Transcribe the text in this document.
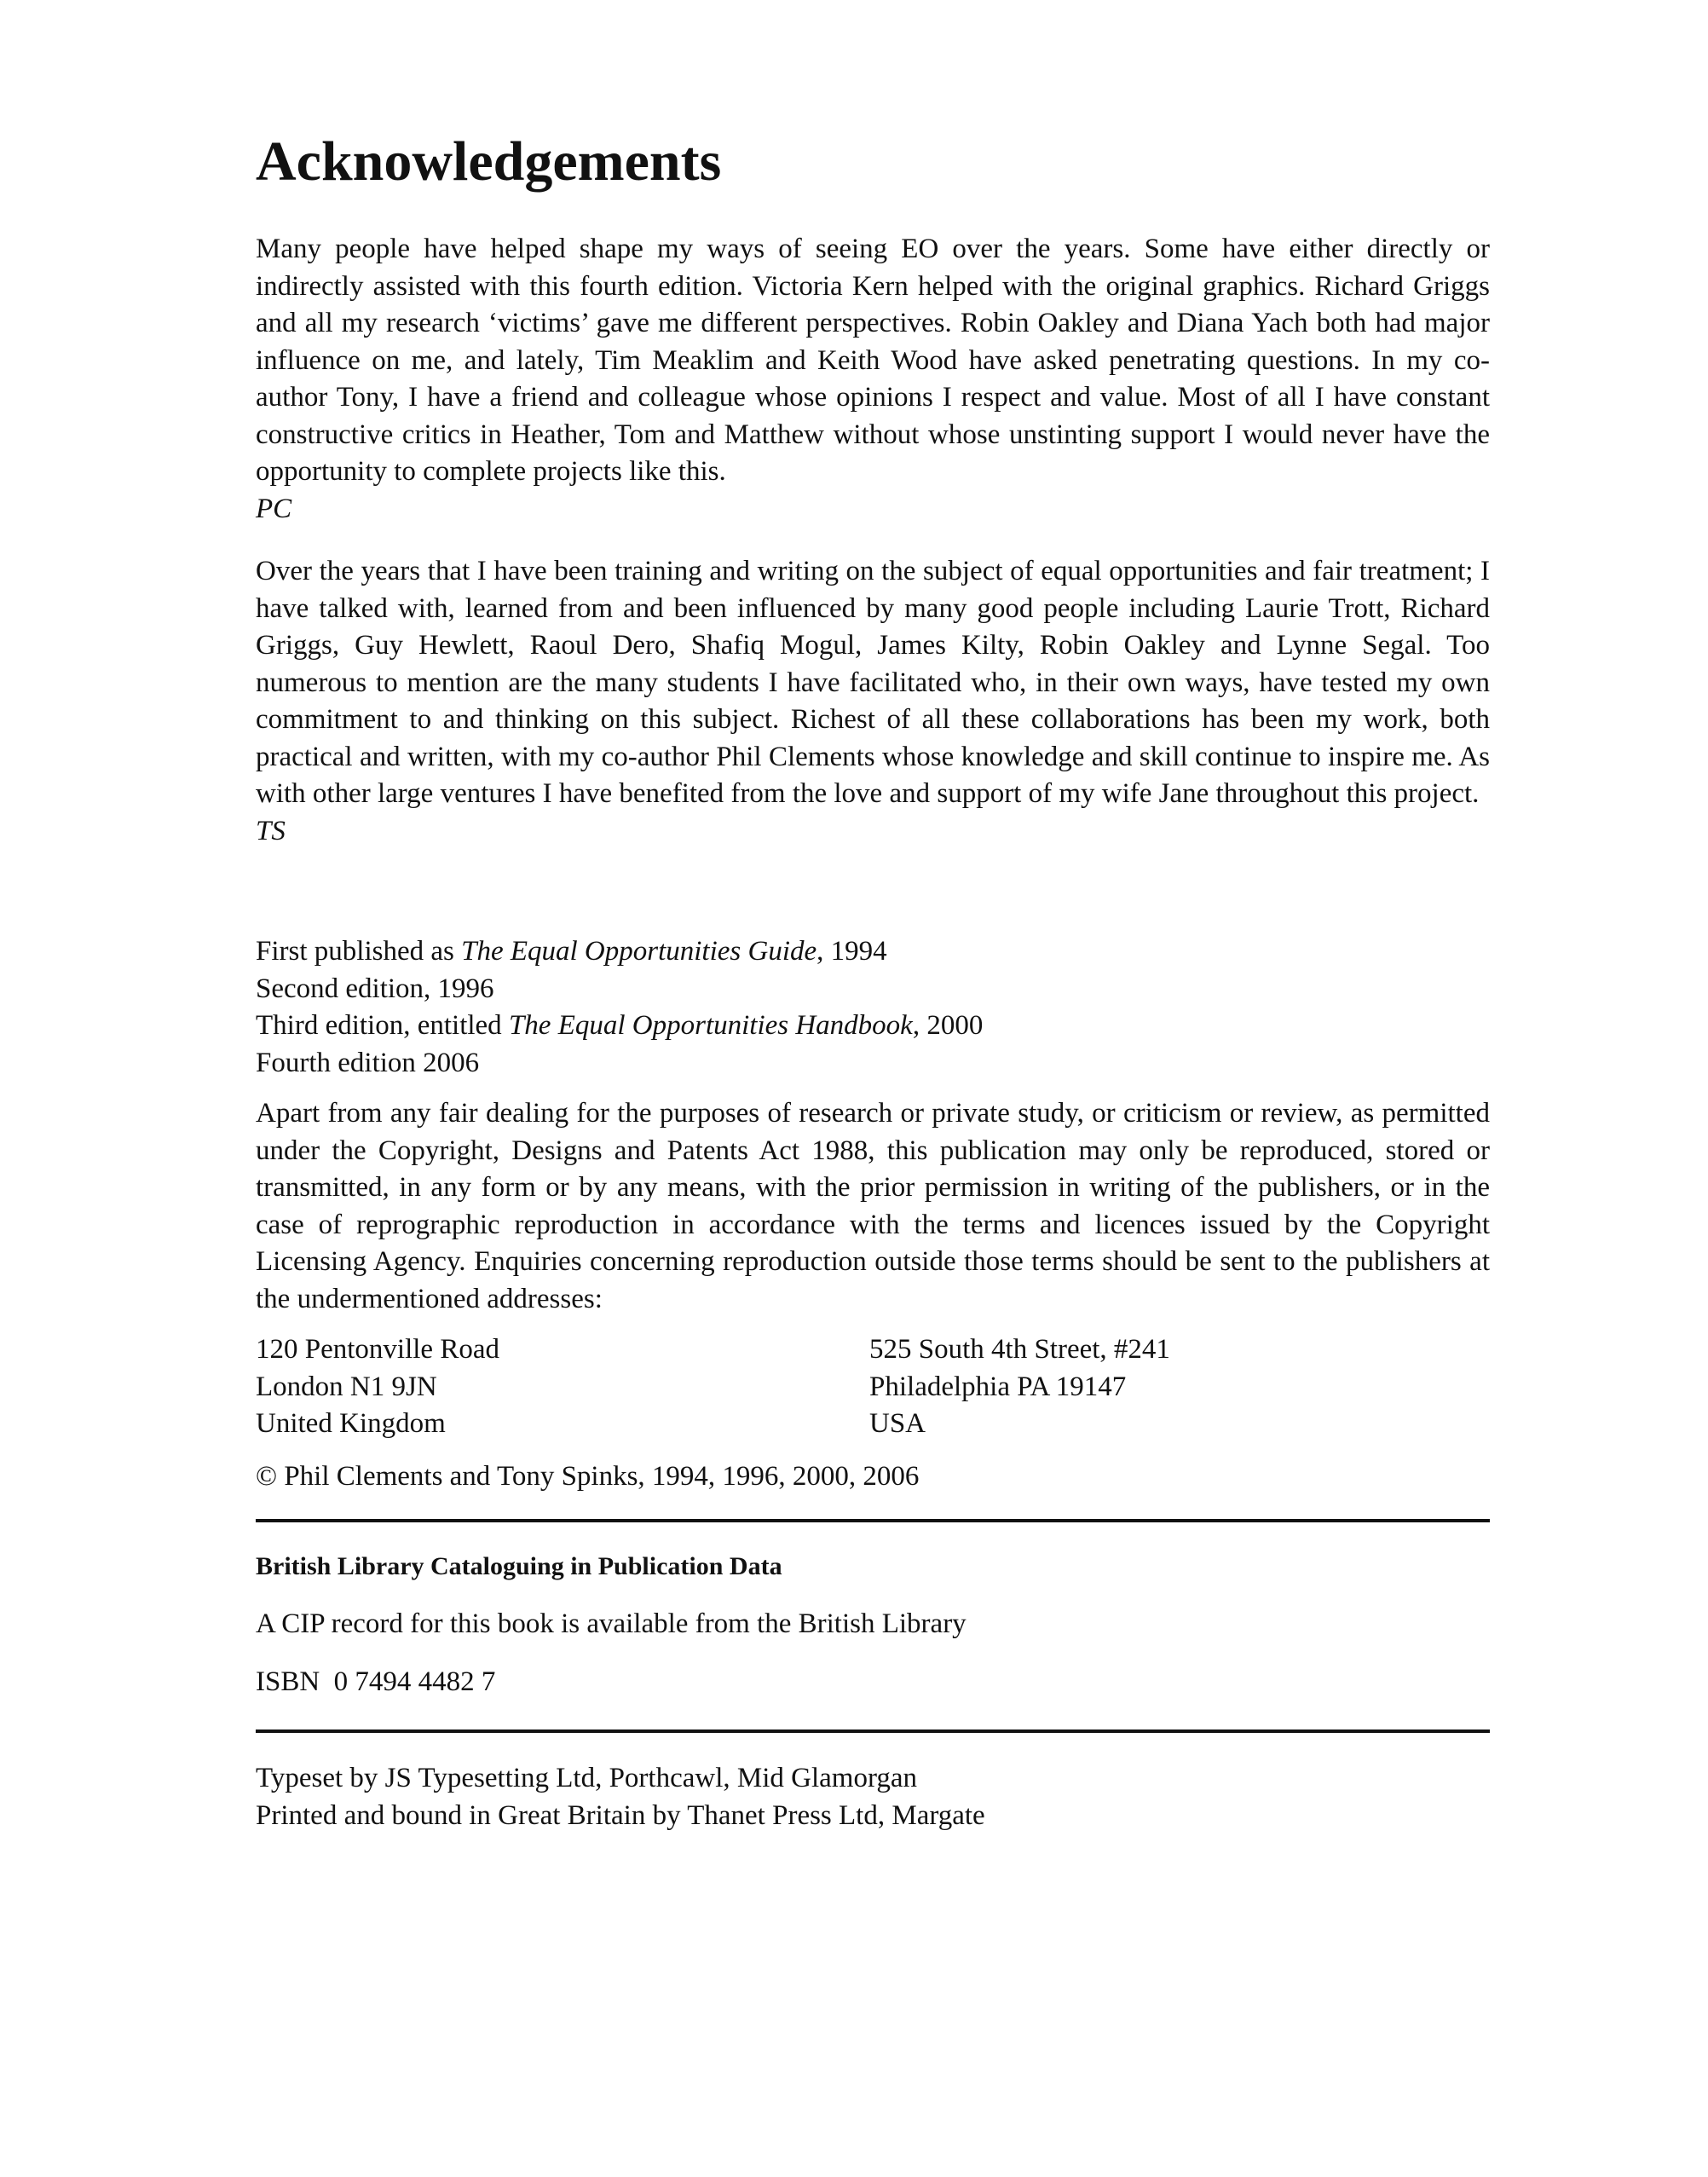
Acknowledgements

Many people have helped shape my ways of seeing EO over the years. Some have either directly or indirectly assisted with this fourth edition. Victoria Kern helped with the original graphics. Richard Griggs and all my research ‘victims’ gave me different perspectives. Robin Oakley and Diana Yach both had major influence on me, and lately, Tim Meaklim and Keith Wood have asked penetrating questions. In my co-author Tony, I have a friend and colleague whose opinions I respect and value. Most of all I have constant constructive critics in Heather, Tom and Matthew without whose unstinting support I would never have the opportunity to complete projects like this.

PC

Over the years that I have been training and writing on the subject of equal opportunities and fair treatment; I have talked with, learned from and been influenced by many good people including Laurie Trott, Richard Griggs, Guy Hewlett, Raoul Dero, Shafiq Mogul, James Kilty, Robin Oakley and Lynne Segal. Too numerous to mention are the many students I have facilitated who, in their own ways, have tested my own commitment to and thinking on this subject. Richest of all these collaborations has been my work, both practical and written, with my co-author Phil Clements whose knowledge and skill continue to inspire me. As with other large ventures I have benefited from the love and support of my wife Jane throughout this project.

TS

First published as The Equal Opportunities Guide, 1994
Second edition, 1996
Third edition, entitled The Equal Opportunities Handbook, 2000
Fourth edition 2006

Apart from any fair dealing for the purposes of research or private study, or criticism or review, as permitted under the Copyright, Designs and Patents Act 1988, this publication may only be reproduced, stored or transmitted, in any form or by any means, with the prior permission in writing of the publishers, or in the case of reprographic reproduction in accordance with the terms and licences issued by the Copyright Licensing Agency. Enquiries concerning reproduction outside those terms should be sent to the publishers at the undermentioned addresses:

120 Pentonville Road
London N1 9JN
United Kingdom
525 South 4th Street, #241
Philadelphia PA 19147
USA
© Phil Clements and Tony Spinks, 1994, 1996, 2000, 2006
British Library Cataloguing in Publication Data
A CIP record for this book is available from the British Library
ISBN  0 7494 4482 7
Typeset by JS Typesetting Ltd, Porthcawl, Mid Glamorgan
Printed and bound in Great Britain by Thanet Press Ltd, Margate
